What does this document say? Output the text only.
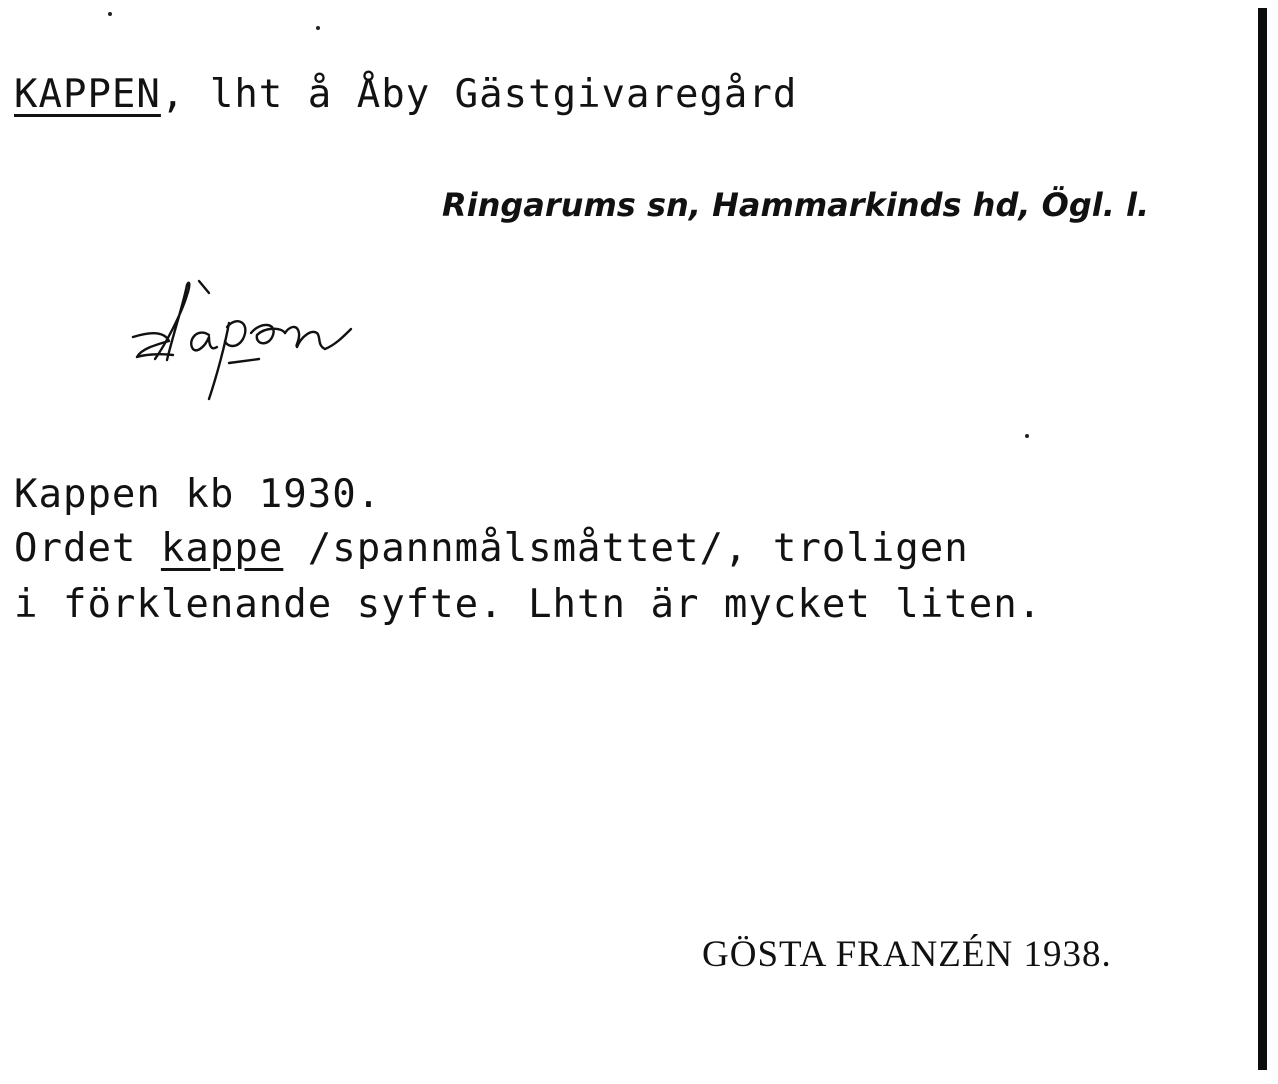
KAPPEN, lht å Åby Gästgivaregård
Ringarums sn, Hammarkinds hd, Ögl. l.
Kappen kb 1930.
Ordet kappe /spannmålsmåttet/, troligen
i förklenande syfte. Lhtn är mycket liten.
GÖSTA FRANZÉN 1938.
